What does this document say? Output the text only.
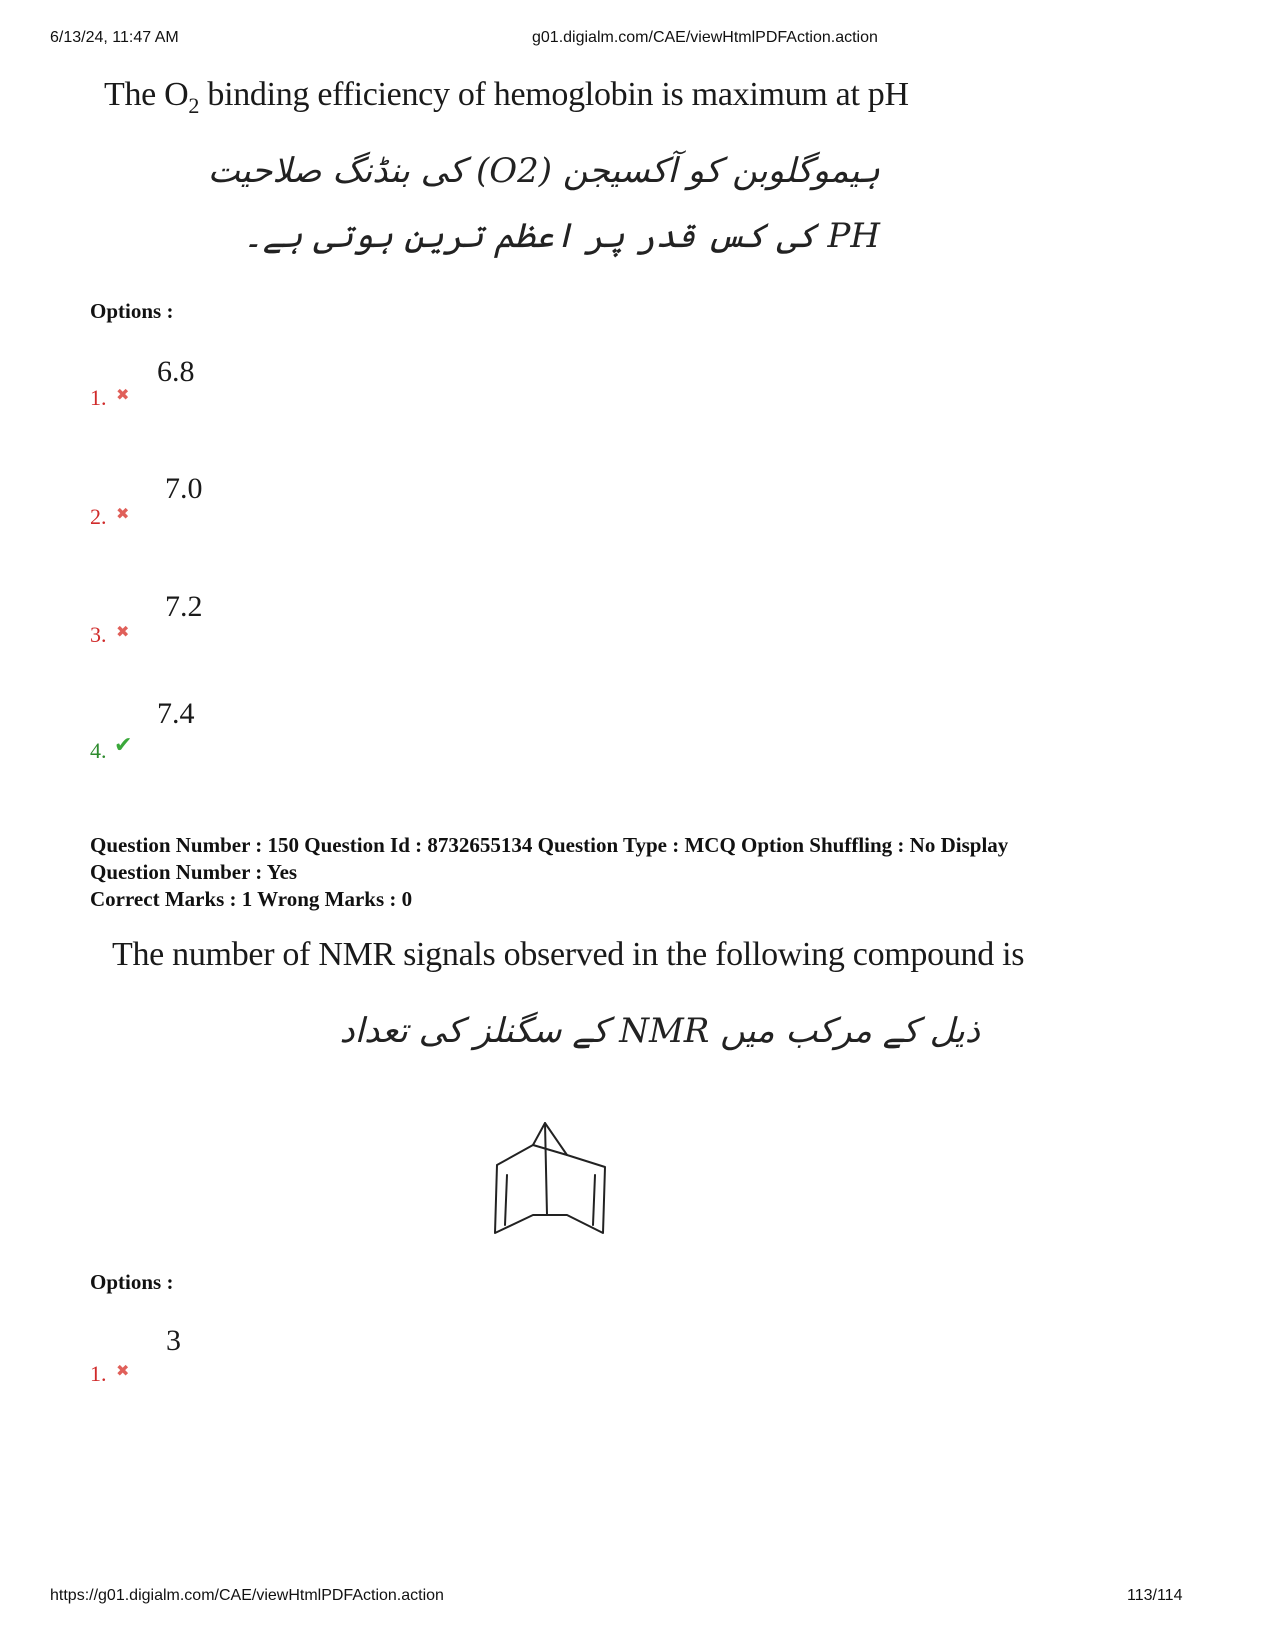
6/13/24, 11:47 AM	g01.digialm.com/CAE/viewHtmlPDFAction.action
The $O_2$ binding efficiency of hemoglobin is maximum at pH
ہیموگلوبن کو آکسیجن (O2) کی بنڈنگ صلاحیت
PH کی کس قدر پر اعظم ترین ہوتی ہے۔
Options :
6.8
1. ✖
7.0
2. ✖
7.2
3. ✖
7.4
4. ✔
Question Number : 150 Question Id : 8732655134 Question Type : MCQ Option Shuffling : No Display
Question Number : Yes
Correct Marks : 1 Wrong Marks : 0
The number of NMR signals observed in the following compound is
ذیل کے مرکب میں NMR کے سگنلز کی تعداد
Options :
3
1. ✖
https://g01.digialm.com/CAE/viewHtmlPDFAction.action	113/114
